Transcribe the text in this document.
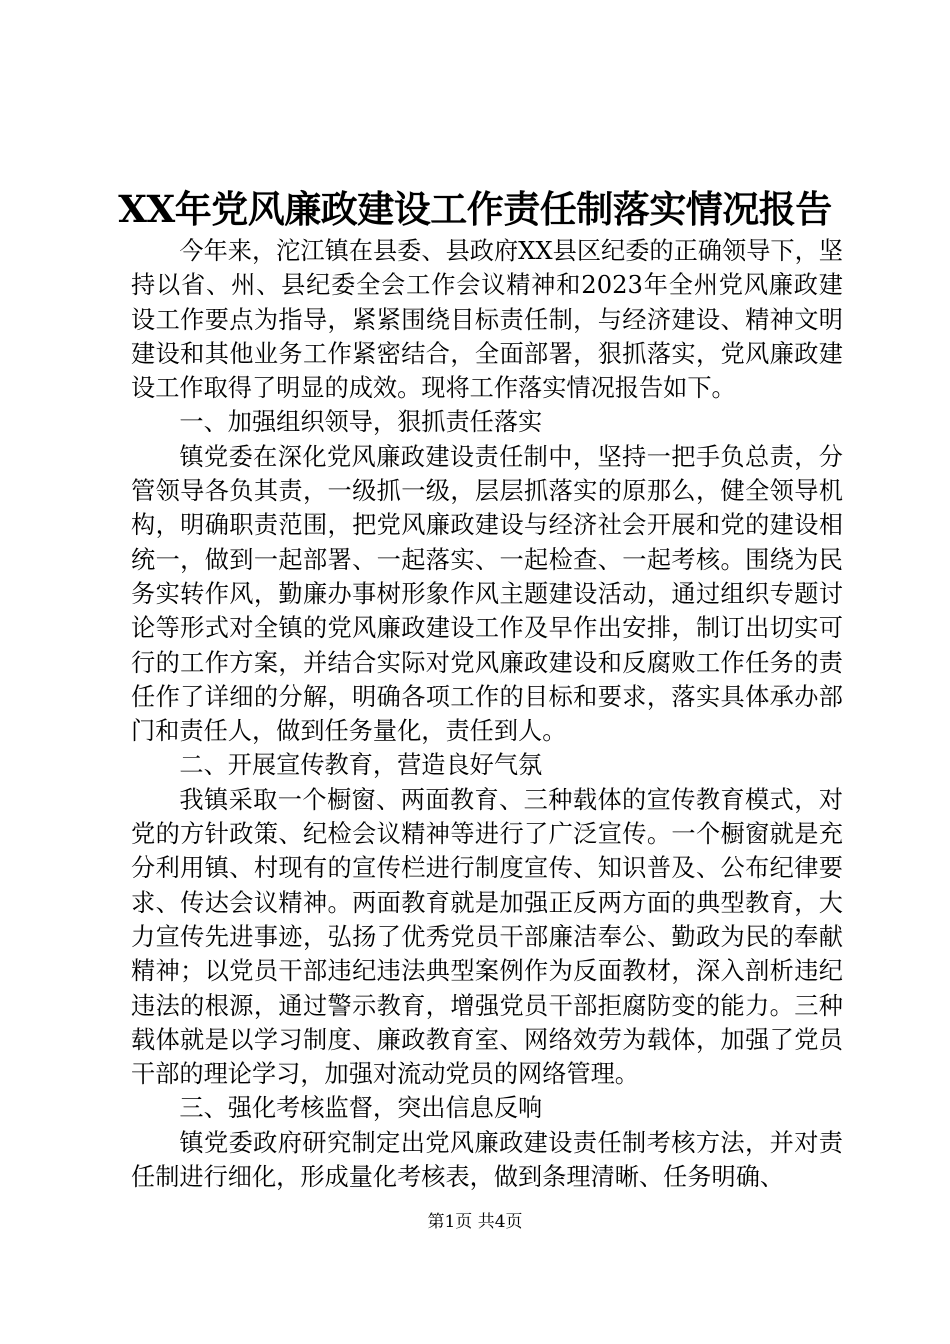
XX年党风廉政建设工作责任制落实情况报告

今年来，沱江镇在县委、县政府XX县区纪委的正确领导下，坚持以省、州、县纪委全会工作会议精神和2023年全州党风廉政建设工作要点为指导，紧紧围绕目标责任制，与经济建设、精神文明建设和其他业务工作紧密结合，全面部署，狠抓落实，党风廉政建设工作取得了明显的成效。现将工作落实情况报告如下。

一、加强组织领导，狠抓责任落实

镇党委在深化党风廉政建设责任制中，坚持一把手负总责，分管领导各负其责，一级抓一级，层层抓落实的原那么，健全领导机构，明确职责范围，把党风廉政建设与经济社会开展和党的建设相统一，做到一起部署、一起落实、一起检查、一起考核。围绕为民务实转作风，勤廉办事树形象作风主题建设活动，通过组织专题讨论等形式对全镇的党风廉政建设工作及早作出安排，制订出切实可行的工作方案，并结合实际对党风廉政建设和反腐败工作任务的责任作了详细的分解，明确各项工作的目标和要求，落实具体承办部门和责任人，做到任务量化，责任到人。

二、开展宣传教育，营造良好气氛

我镇采取一个橱窗、两面教育、三种载体的宣传教育模式，对党的方针政策、纪检会议精神等进行了广泛宣传。一个橱窗就是充分利用镇、村现有的宣传栏进行制度宣传、知识普及、公布纪律要求、传达会议精神。两面教育就是加强正反两方面的典型教育，大力宣传先进事迹，弘扬了优秀党员干部廉洁奉公、勤政为民的奉献精神；以党员干部违纪违法典型案例作为反面教材，深入剖析违纪违法的根源，通过警示教育，增强党员干部拒腐防变的能力。三种载体就是以学习制度、廉政教育室、网络效劳为载体，加强了党员干部的理论学习，加强对流动党员的网络管理。

三、强化考核监督，突出信息反响

镇党委政府研究制定出党风廉政建设责任制考核方法，并对责任制进行细化，形成量化考核表，做到条理清晰、任务明确、

第1页 共4页
